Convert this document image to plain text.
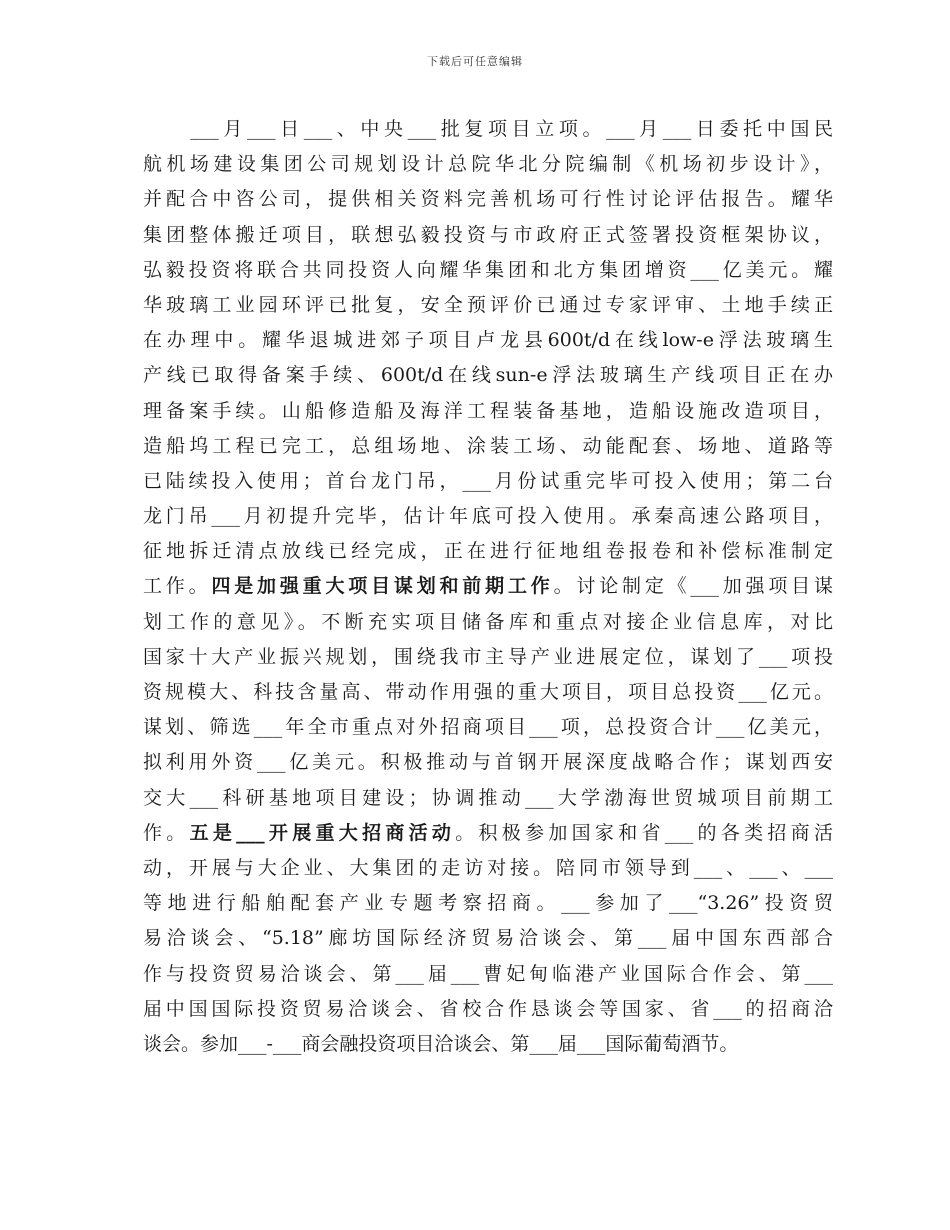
下载后可任意编辑
　　___月___日___、中央___批复项目立项。___月___日委托中国民
航机场建设集团公司规划设计总院华北分院编制《机场初步设计》，
并配合中咨公司，提供相关资料完善机场可行性讨论评估报告。耀华
集团整体搬迁项目，联想弘毅投资与市政府正式签署投资框架协议，
弘毅投资将联合共同投资人向耀华集团和北方集团增资___亿美元。耀
华玻璃工业园环评已批复，安全预评价已通过专家评审、土地手续正
在办理中。耀华退城进郊子项目卢龙县600t/d在线low-e浮法玻璃生
产线已取得备案手续、600t/d在线sun-e浮法玻璃生产线项目正在办
理备案手续。山船修造船及海洋工程装备基地，造船设施改造项目，
造船坞工程已完工，总组场地、涂装工场、动能配套、场地、道路等
已陆续投入使用；首台龙门吊，___月份试重完毕可投入使用；第二台
龙门吊___月初提升完毕，估计年底可投入使用。承秦高速公路项目，
征地拆迁清点放线已经完成，正在进行征地组卷报卷和补偿标准制定
工作。四是加强重大项目谋划和前期工作。讨论制定《___加强项目谋
划工作的意见》。不断充实项目储备库和重点对接企业信息库，对比
国家十大产业振兴规划，围绕我市主导产业进展定位，谋划了___项投
资规模大、科技含量高、带动作用强的重大项目，项目总投资___亿元。
谋划、筛选___年全市重点对外招商项目___项，总投资合计___亿美元，
拟利用外资___亿美元。积极推动与首钢开展深度战略合作；谋划西安
交大___科研基地项目建设；协调推动___大学渤海世贸城项目前期工
作。五是___开展重大招商活动。积极参加国家和省___的各类招商活
动，开展与大企业、大集团的走访对接。陪同市领导到___、___、___
等地进行船舶配套产业专题考察招商。___参加了___“3.26”投资贸
易洽谈会、“5.18”廊坊国际经济贸易洽谈会、第___届中国东西部合
作与投资贸易洽谈会、第___届___曹妃甸临港产业国际合作会、第___
届中国国际投资贸易洽谈会、省校合作恳谈会等国家、省___的招商洽
谈会。参加___-___商会融投资项目洽谈会、第___届___国际葡萄酒节。
